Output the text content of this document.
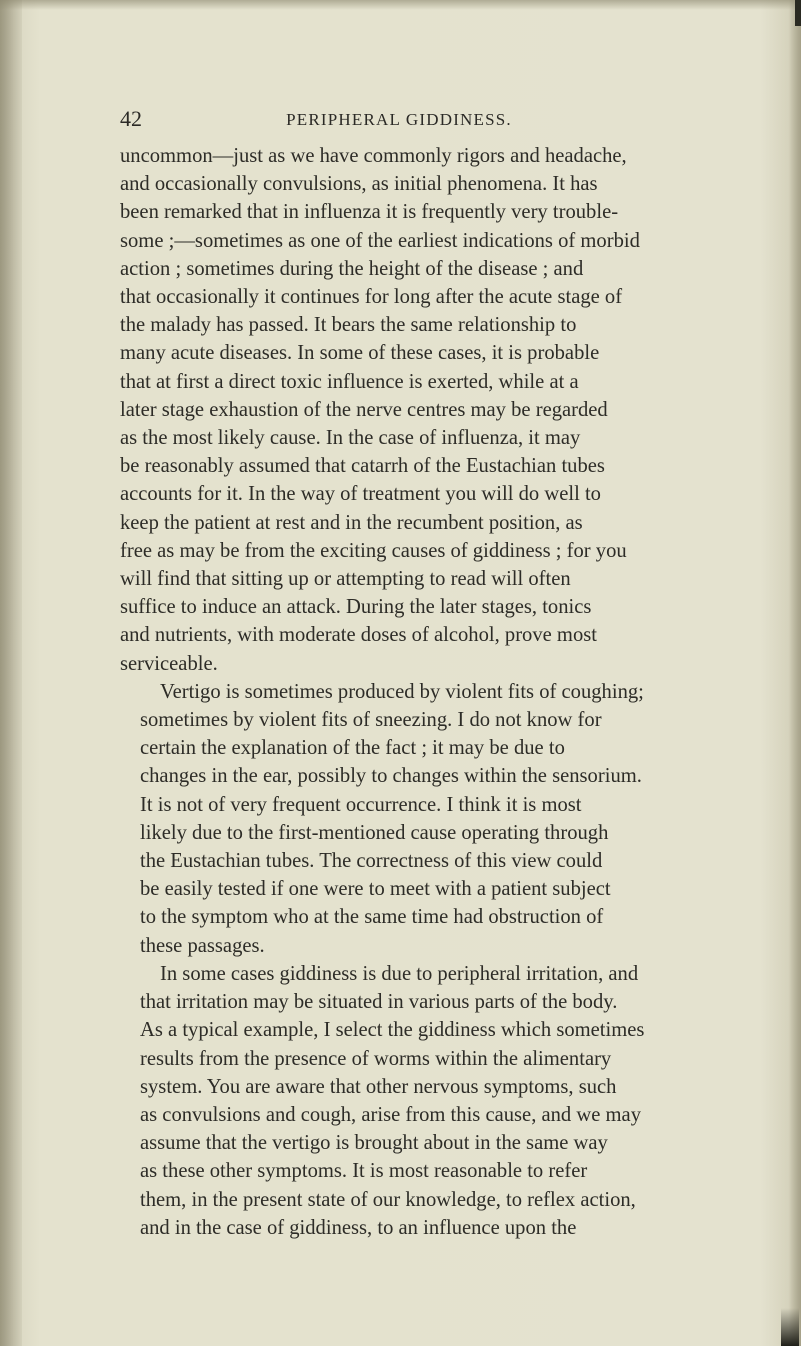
42	PERIPHERAL GIDDINESS.
uncommon—just as we have commonly rigors and headache,
and occasionally convulsions, as initial phenomena. It has
been remarked that in influenza it is frequently very trouble-
some ;—sometimes as one of the earliest indications of morbid
action ; sometimes during the height of the disease ; and
that occasionally it continues for long after the acute stage of
the malady has passed. It bears the same relationship to
many acute diseases. In some of these cases, it is probable
that at first a direct toxic influence is exerted, while at a
later stage exhaustion of the nerve centres may be regarded
as the most likely cause. In the case of influenza, it may
be reasonably assumed that catarrh of the Eustachian tubes
accounts for it. In the way of treatment you will do well to
keep the patient at rest and in the recumbent position, as
free as may be from the exciting causes of giddiness ; for you
will find that sitting up or attempting to read will often
suffice to induce an attack. During the later stages, tonics
and nutrients, with moderate doses of alcohol, prove most
serviceable.
Vertigo is sometimes produced by violent fits of coughing;
sometimes by violent fits of sneezing. I do not know for
certain the explanation of the fact ; it may be due to
changes in the ear, possibly to changes within the sensorium.
It is not of very frequent occurrence. I think it is most
likely due to the first-mentioned cause operating through
the Eustachian tubes. The correctness of this view could
be easily tested if one were to meet with a patient subject
to the symptom who at the same time had obstruction of
these passages.
In some cases giddiness is due to peripheral irritation, and
that irritation may be situated in various parts of the body.
As a typical example, I select the giddiness which sometimes
results from the presence of worms within the alimentary
system. You are aware that other nervous symptoms, such
as convulsions and cough, arise from this cause, and we may
assume that the vertigo is brought about in the same way
as these other symptoms. It is most reasonable to refer
them, in the present state of our knowledge, to reflex action,
and in the case of giddiness, to an influence upon the
